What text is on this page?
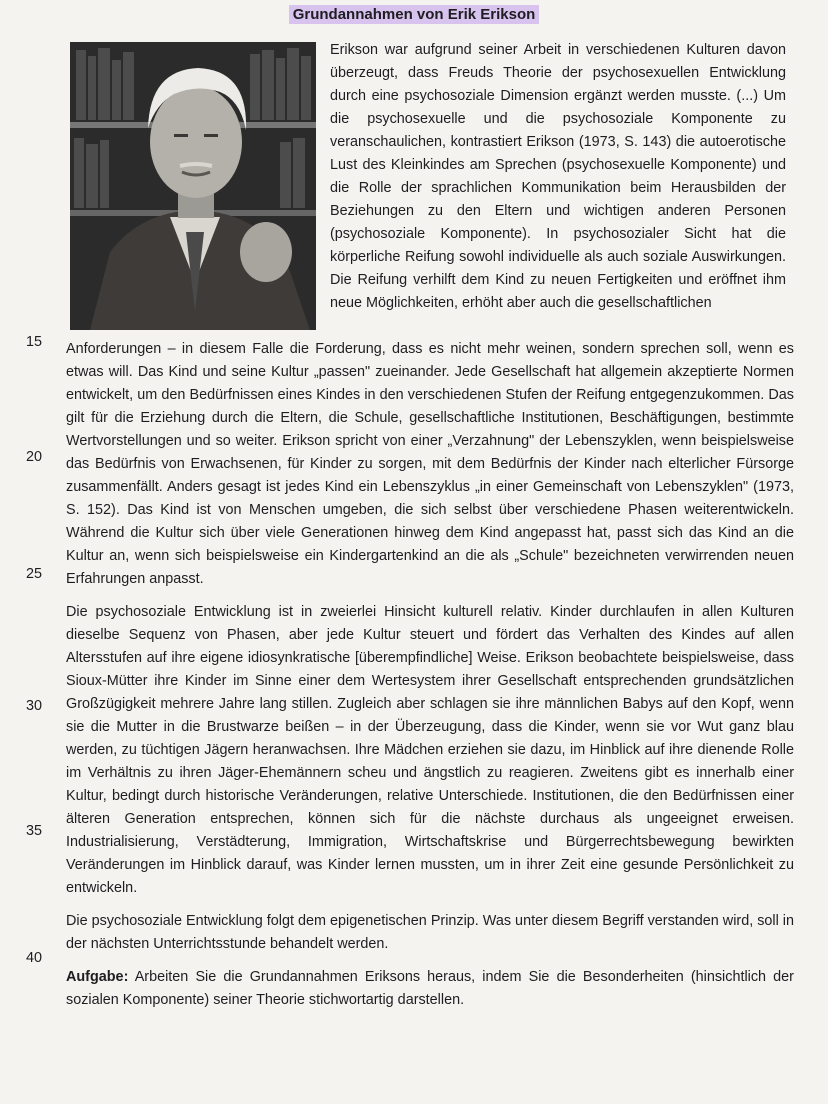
Grundannahmen von Erik Erikson

Erikson war aufgrund seiner Arbeit in verschiedenen Kulturen davon überzeugt, dass Freuds Theorie der psychosexuellen Entwicklung durch eine psychosoziale Dimension ergänzt werden musste. (...) Um die psychosexuelle und die psychosoziale Komponente zu veranschaulichen, kontrastiert Erikson (1973, S. 143) die autoerotische Lust des Kleinkindes am Sprechen (psychosexuelle Komponente) und die Rolle der sprachlichen Kommunikation beim Herausbilden der Beziehungen zu den Eltern und wichtigen anderen Personen (psychosoziale Komponente). In psychosozialer Sicht hat die körperliche Reifung sowohl individuelle als auch soziale Auswirkungen. Die Reifung verhilft dem Kind zu neuen Fertigkeiten und eröffnet ihm neue Möglichkeiten, erhöht aber auch die gesellschaftlichen

15
20
25
30
35
40

Anforderungen – in diesem Falle die Forderung, dass es nicht mehr weinen, sondern sprechen soll, wenn es etwas will. Das Kind und seine Kultur „passen" zueinander. Jede Gesellschaft hat allgemein akzeptierte Normen entwickelt, um den Bedürfnissen eines Kindes in den verschiedenen Stufen der Reifung entgegenzukommen. Das gilt für die Erziehung durch die Eltern, die Schule, gesellschaftliche Institutionen, Beschäftigungen, bestimmte Wertvorstellungen und so weiter. Erikson spricht von einer „Verzahnung" der Lebenszyklen, wenn beispielsweise das Bedürfnis von Erwachsenen, für Kinder zu sorgen, mit dem Bedürfnis der Kinder nach elterlicher Fürsorge zusammenfällt. Anders gesagt ist jedes Kind ein Lebenszyklus „in einer Gemeinschaft von Lebenszyklen" (1973, S. 152). Das Kind ist von Menschen umgeben, die sich selbst über verschiedene Phasen weiterentwickeln. Während die Kultur sich über viele Generationen hinweg dem Kind angepasst hat, passt sich das Kind an die Kultur an, wenn sich beispielsweise ein Kindergartenkind an die als „Schule" bezeichneten verwirrenden neuen Erfahrungen anpasst.

Die psychosoziale Entwicklung ist in zweierlei Hinsicht kulturell relativ. Kinder durchlaufen in allen Kulturen dieselbe Sequenz von Phasen, aber jede Kultur steuert und fördert das Verhalten des Kindes auf allen Altersstufen auf ihre eigene idiosynkratische [überempfindliche] Weise. Erikson beobachtete beispielsweise, dass Sioux-Mütter ihre Kinder im Sinne einer dem Wertesystem ihrer Gesellschaft entsprechenden grundsätzlichen Großzügigkeit mehrere Jahre lang stillen. Zugleich aber schlagen sie ihre männlichen Babys auf den Kopf, wenn sie die Mutter in die Brustwarze beißen – in der Überzeugung, dass die Kinder, wenn sie vor Wut ganz blau werden, zu tüchtigen Jägern heranwachsen. Ihre Mädchen erziehen sie dazu, im Hinblick auf ihre dienende Rolle im Verhältnis zu ihren Jäger-Ehemännern scheu und ängstlich zu reagieren. Zweitens gibt es innerhalb einer Kultur, bedingt durch historische Veränderungen, relative Unterschiede. Institutionen, die den Bedürfnissen einer älteren Generation entsprechen, können sich für die nächste durchaus als ungeeignet erweisen. Industrialisierung, Verstädterung, Immigration, Wirtschaftskrise und Bürgerrechtsbewegung bewirkten Veränderungen im Hinblick darauf, was Kinder lernen mussten, um in ihrer Zeit eine gesunde Persönlichkeit zu entwickeln.

Die psychosoziale Entwicklung folgt dem epigenetischen Prinzip. Was unter diesem Begriff verstanden wird, soll in der nächsten Unterrichtsstunde behandelt werden.

Aufgabe: Arbeiten Sie die Grundannahmen Eriksons heraus, indem Sie die Besonderheiten (hinsichtlich der sozialen Komponente) seiner Theorie stichwortartig darstellen.
